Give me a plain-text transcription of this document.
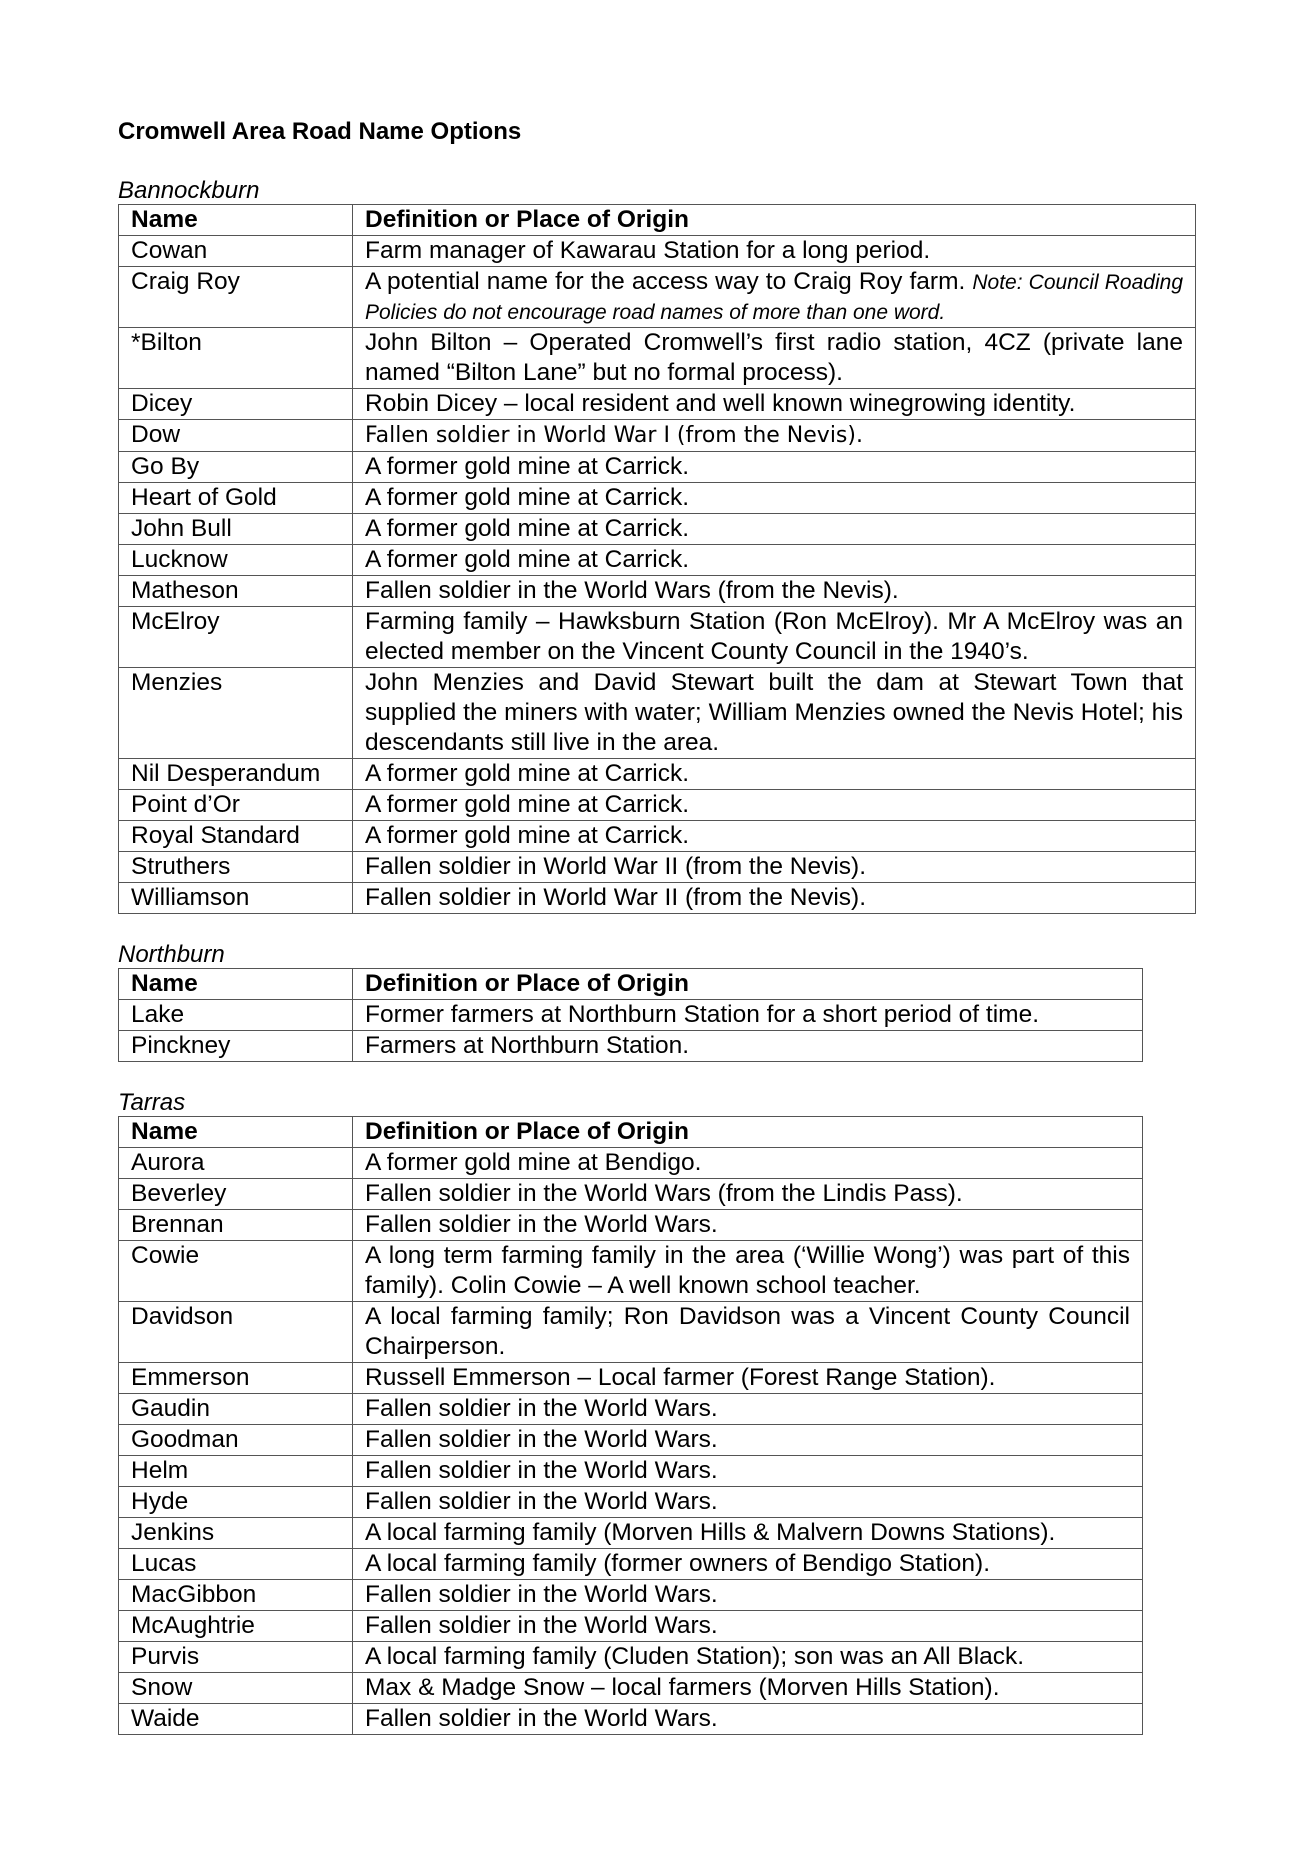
Cromwell Area Road Name Options

Bannockburn

Name	Definition or Place of Origin
Cowan	Farm manager of Kawarau Station for a long period.
Craig Roy	A potential name for the access way to Craig Roy farm. Note: Council Roading Policies do not encourage road names of more than one word.
*Bilton	John Bilton – Operated Cromwell’s first radio station, 4CZ (private lane named “Bilton Lane” but no formal process).
Dicey	Robin Dicey – local resident and well known winegrowing identity.
Dow	Fallen soldier in World War I (from the Nevis).
Go By	A former gold mine at Carrick.
Heart of Gold	A former gold mine at Carrick.
John Bull	A former gold mine at Carrick.
Lucknow	A former gold mine at Carrick.
Matheson	Fallen soldier in the World Wars (from the Nevis).
McElroy	Farming family – Hawksburn Station (Ron McElroy). Mr A McElroy was an elected member on the Vincent County Council in the 1940’s.
Menzies	John Menzies and David Stewart built the dam at Stewart Town that supplied the miners with water; William Menzies owned the Nevis Hotel; his descendants still live in the area.
Nil Desperandum	A former gold mine at Carrick.
Point d’Or	A former gold mine at Carrick.
Royal Standard	A former gold mine at Carrick.
Struthers	Fallen soldier in World War II (from the Nevis).
Williamson	Fallen soldier in World War II (from the Nevis).

Northburn

Name	Definition or Place of Origin
Lake	Former farmers at Northburn Station for a short period of time.
Pinckney	Farmers at Northburn Station.

Tarras

Name	Definition or Place of Origin
Aurora	A former gold mine at Bendigo.
Beverley	Fallen soldier in the World Wars (from the Lindis Pass).
Brennan	Fallen soldier in the World Wars.
Cowie	A long term farming family in the area (‘Willie Wong’) was part of this family). Colin Cowie – A well known school teacher.
Davidson	A local farming family; Ron Davidson was a Vincent County Council Chairperson.
Emmerson	Russell Emmerson – Local farmer (Forest Range Station).
Gaudin	Fallen soldier in the World Wars.
Goodman	Fallen soldier in the World Wars.
Helm	Fallen soldier in the World Wars.
Hyde	Fallen soldier in the World Wars.
Jenkins	A local farming family (Morven Hills & Malvern Downs Stations).
Lucas	A local farming family (former owners of Bendigo Station).
MacGibbon	Fallen soldier in the World Wars.
McAughtrie	Fallen soldier in the World Wars.
Purvis	A local farming family (Cluden Station); son was an All Black.
Snow	Max & Madge Snow – local farmers (Morven Hills Station).
Waide	Fallen soldier in the World Wars.
